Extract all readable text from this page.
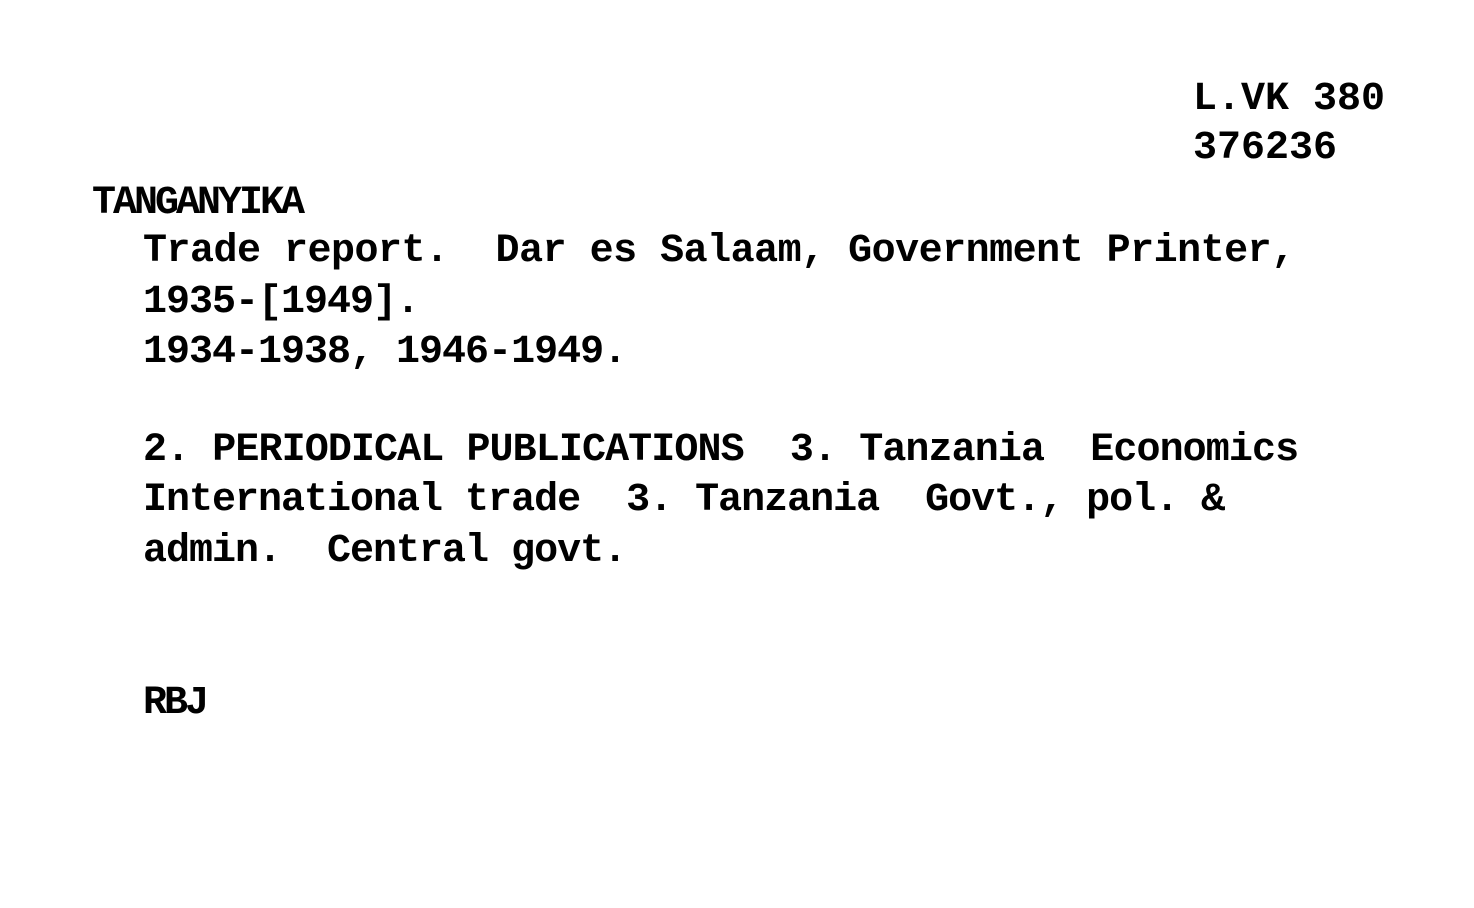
L.VK 380
376236
TANGANYIKA
Trade report.  Dar es Salaam, Government Printer,
1935-[1949].
1934-1938, 1946-1949.
2. PERIODICAL PUBLICATIONS  3. Tanzania  Economics
International trade  3. Tanzania  Govt., pol. &
admin.  Central govt.
RBJ
